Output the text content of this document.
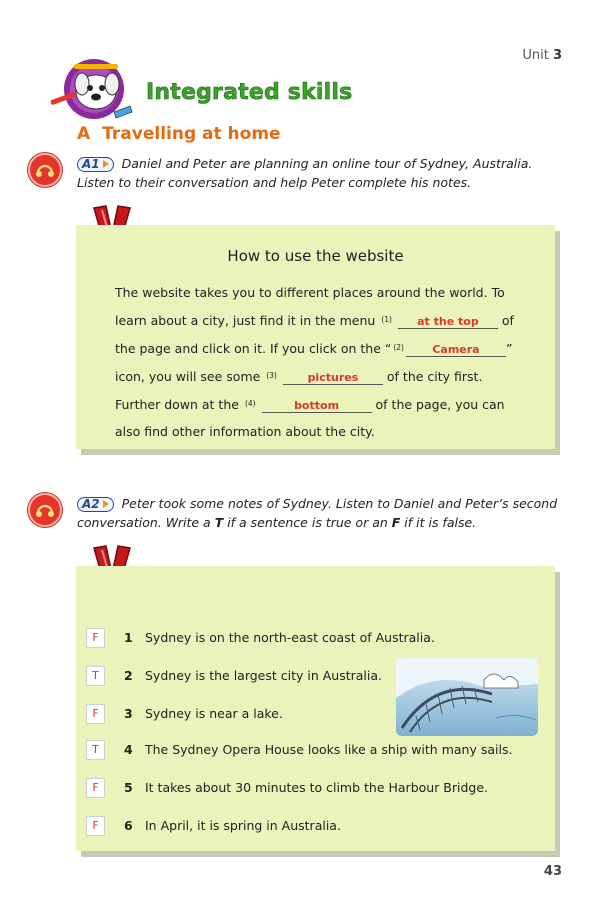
Unit 3
Integrated skills
A Travelling at home
A1 Daniel and Peter are planning an online tour of Sydney, Australia. Listen to their conversation and help Peter complete his notes.
How to use the website
The website takes you to different places around the world. To learn about a city, just find it in the menu $^{(1)}$ at the top of the page and click on it. If you click on the “ $^{(2)}$	Camera ” icon, you will see some $^{(3)}$	pictures of the city first. Further down at the $^{(4)}$	bottom	of the page, you can also find other information about the city.
A2 Peter took some notes of Sydney. Listen to Daniel and Peter’s second conversation. Write a T if a sentence is true or an F if it is false.
F	1 Sydney is on the north-east coast of Australia.
T	2 Sydney is the largest city in Australia.
F	3 Sydney is near a lake.
T	4 The Sydney Opera House looks like a ship with many sails.
F	5 It takes about 30 minutes to climb the Harbour Bridge.
F	6 In April, it is spring in Australia.
43
